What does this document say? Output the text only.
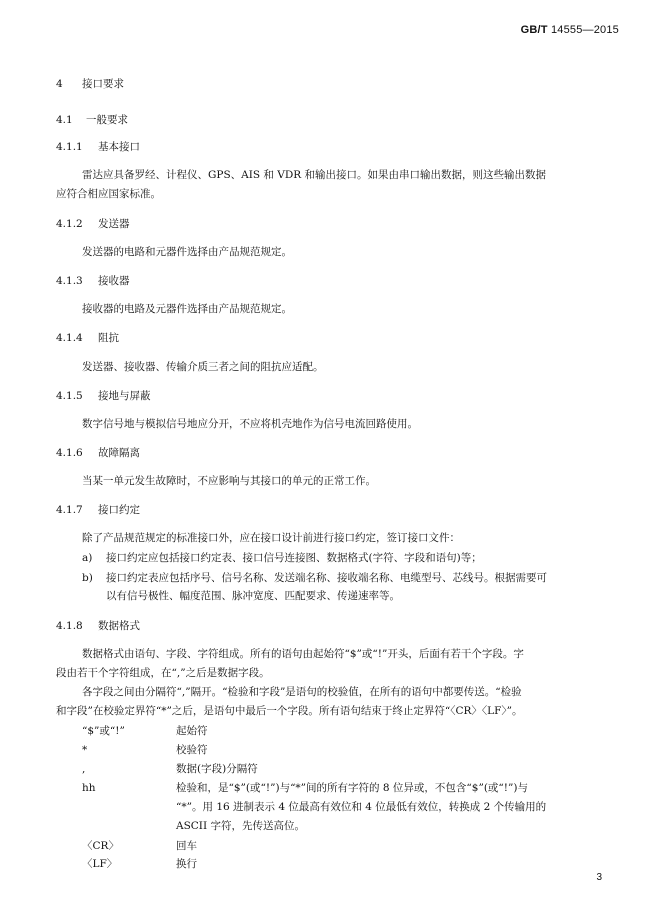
GB/T 14555—2015
4 接口要求
4.1 一般要求
4.1.1 基本接口
雷达应具备罗经、计程仪、GPS、AIS 和 VDR 和输出接口。如果由串口输出数据，则这些输出数据
应符合相应国家标准。
4.1.2 发送器
发送器的电路和元器件选择由产品规范规定。
4.1.3 接收器
接收器的电路及元器件选择由产品规范规定。
4.1.4 阻抗
发送器、接收器、传输介质三者之间的阻抗应适配。
4.1.5 接地与屏蔽
数字信号地与模拟信号地应分开，不应将机壳地作为信号电流回路使用。
4.1.6 故障隔离
当某一单元发生故障时，不应影响与其接口的单元的正常工作。
4.1.7 接口约定
除了产品规范规定的标准接口外，应在接口设计前进行接口约定，签订接口文件：
a) 接口约定应包括接口约定表、接口信号连接图、数据格式(字符、字段和语句)等；
b) 接口约定表应包括序号、信号名称、发送端名称、接收端名称、电缆型号、芯线号。根据需要可
以有信号极性、幅度范围、脉冲宽度、匹配要求、传递速率等。
4.1.8 数据格式
数据格式由语句、字段、字符组成。所有的语句由起始符“$”或“!”开头，后面有若干个字段。字
段由若干个字符组成，在“,”之后是数据字段。
各字段之间由分隔符“,”隔开。“检验和字段”是语句的校验值，在所有的语句中都要传送。“检验
和字段”在校验定界符“*”之后，是语句中最后一个字段。所有语句结束于终止定界符“〈CR〉〈LF〉”。
“$”或“!”	起始符
*	校验符
,	数据(字段)分隔符
hh	检验和，是“$”(或“!”)与“*”间的所有字符的 8 位异或，不包含“$”(或“!”)与
“*”。用 16 进制表示 4 位最高有效位和 4 位最低有效位，转换成 2 个传输用的
ASCII 字符，先传送高位。
〈CR〉	回车
〈LF〉	换行
3
